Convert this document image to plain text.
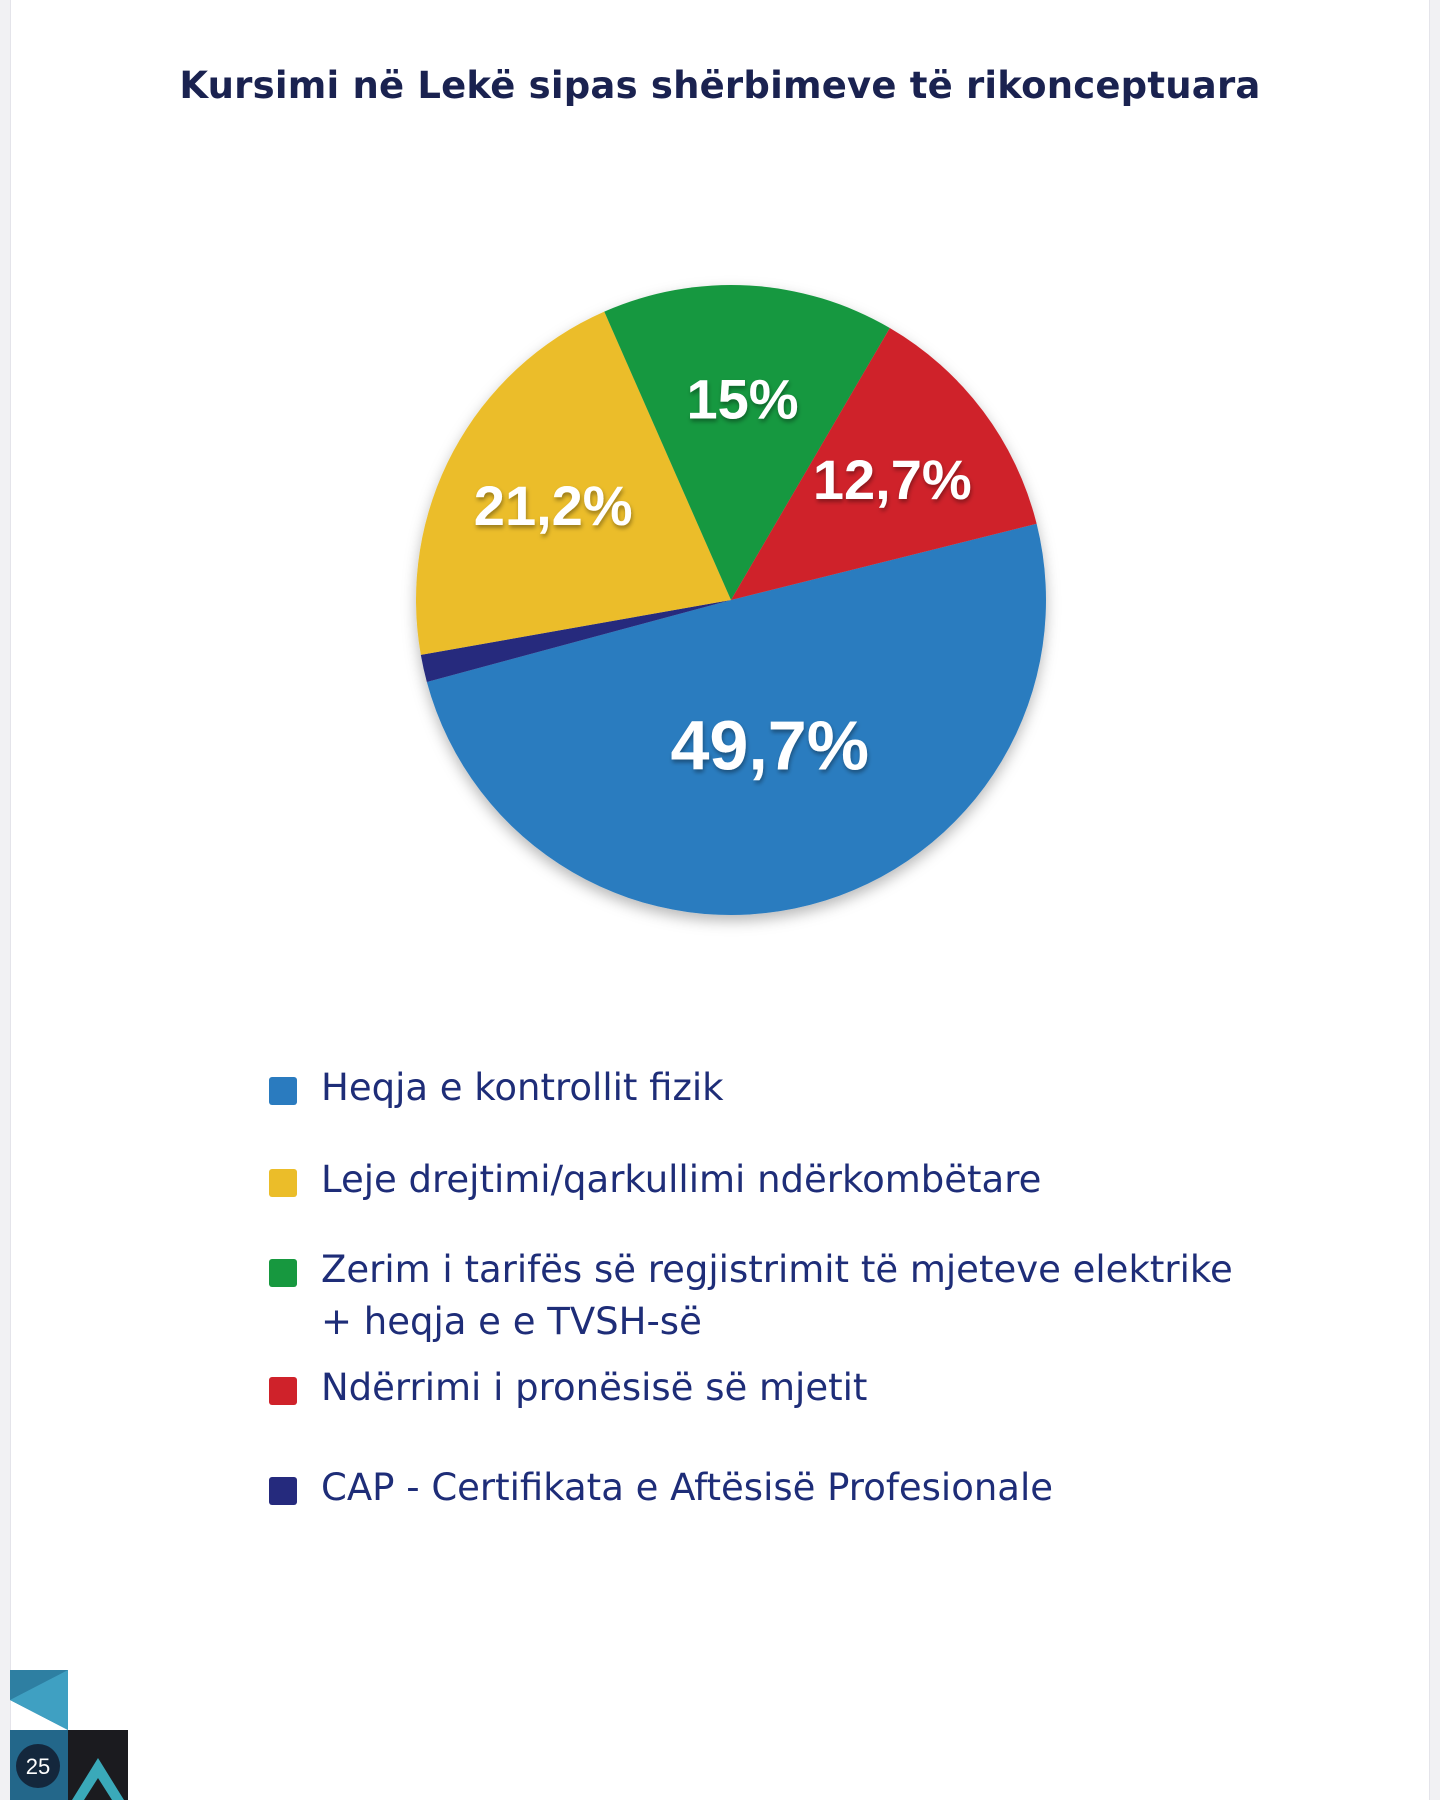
Kursimi në Lekë sipas shërbimeve të rikonceptuara
49,7%
21,2%
15%
12,7%
Heqja e kontrollit fizik
Leje drejtimi/qarkullimi ndërkombëtare
Zerim i tarifës së regjistrimit të mjeteve elektrike
+ heqja e e TVSH-së
Ndërrimi i pronësisë së mjetit
CAP - Certifikata e Aftësisë Profesionale
25
